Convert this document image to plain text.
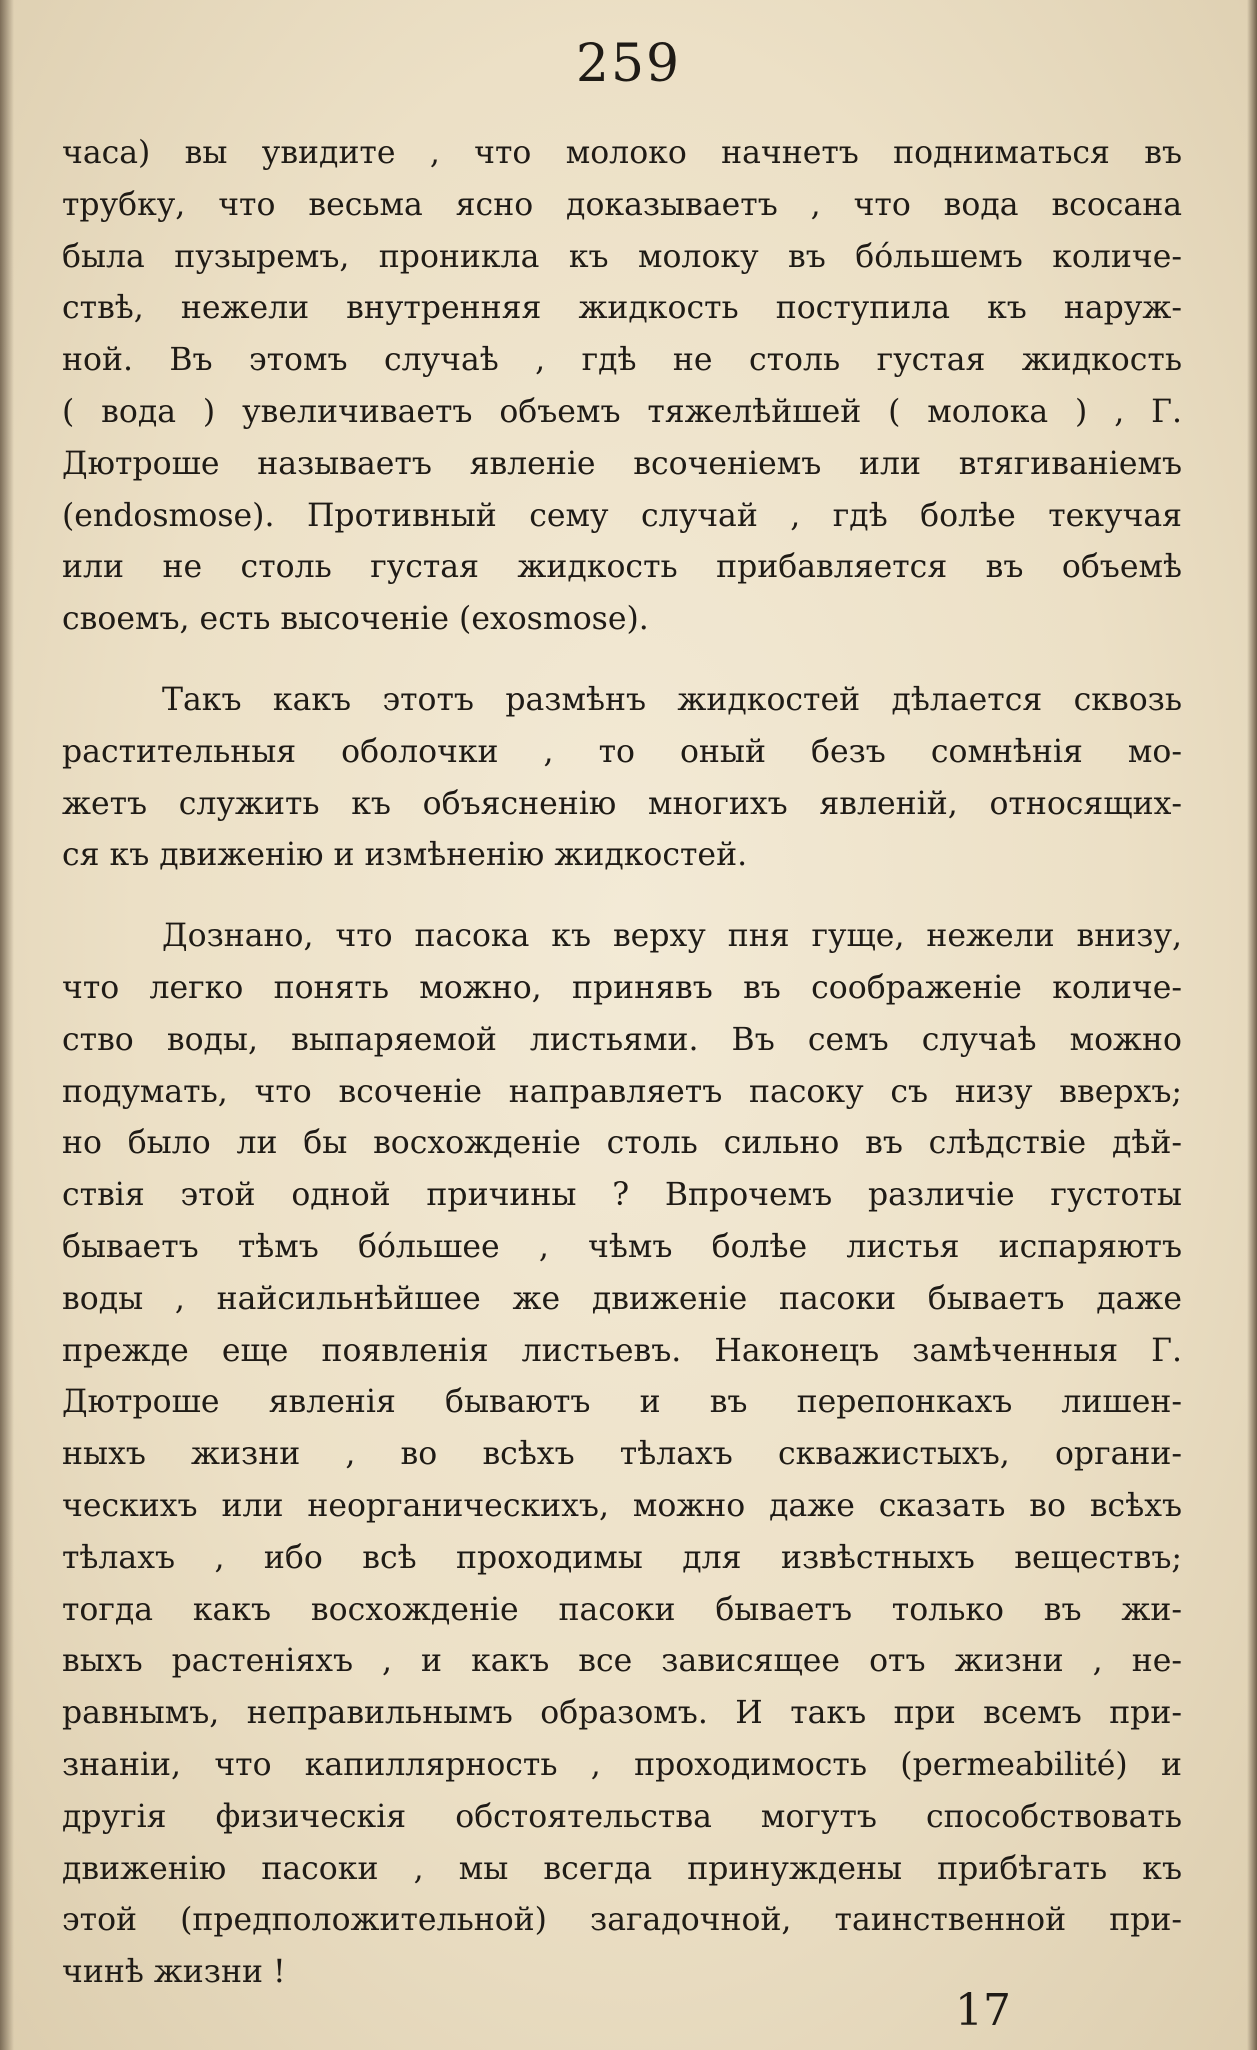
259

часа) вы увидите , что молоко начнетъ подниматься въ
трубку, что весьма ясно доказываетъ , что вода всосана
была пузыремъ, проникла къ молоку въ бо́льшемъ количе-
ствѣ, нежели внутренняя жидкость поступила къ наруж-
ной. Въ этомъ случаѣ , гдѣ не столь густая жидкость
( вода ) увеличиваетъ объемъ тяжелѣйшей ( молока ) , Г.
Дютроше называетъ явленіе всоченіемъ или втягиваніемъ
(endosmose). Противный сему случай , гдѣ болѣе текучая
или не столь густая жидкость прибавляется въ объемѣ
своемъ, есть высоченіе (exosmose).

Такъ какъ этотъ размѣнъ жидкостей дѣлается сквозь
растительныя оболочки , то оный безъ сомнѣнія мо-
жетъ служить къ объясненію многихъ явленій, относящих-
ся къ движенію и измѣненію жидкостей.

Дознано, что пасока къ верху пня гуще, нежели внизу,
что легко понять можно, принявъ въ соображеніе количе-
ство воды, выпаряемой листьями. Въ семъ случаѣ можно
подумать, что всоченіе направляетъ пасоку съ низу вверхъ;
но было ли бы восхожденіе столь сильно въ слѣдствіе дѣй-
ствія этой одной причины ? Впрочемъ различіе густоты
бываетъ тѣмъ бо́льшее , чѣмъ болѣе листья испаряютъ
воды , найсильнѣйшее же движеніе пасоки бываетъ даже
прежде еще появленія листьевъ. Наконецъ замѣченныя Г.
Дютроше явленія бываютъ и въ перепонкахъ лишен-
ныхъ жизни , во всѣхъ тѣлахъ скважистыхъ, органи-
ческихъ или неорганическихъ, можно даже сказать во всѣхъ
тѣлахъ , ибо всѣ проходимы для извѣстныхъ веществъ;
тогда какъ восхожденіе пасоки бываетъ только въ жи-
выхъ растеніяхъ , и какъ все зависящее отъ жизни , не-
равнымъ, неправильнымъ образомъ. И такъ при всемъ при-
знаніи, что капиллярность , проходимость (permeabilité) и
другія физическія обстоятельства могутъ способствовать
движенію пасоки , мы всегда принуждены прибѣгать къ
этой (предположительной) загадочной, таинственной при-
чинѣ жизни !

17
